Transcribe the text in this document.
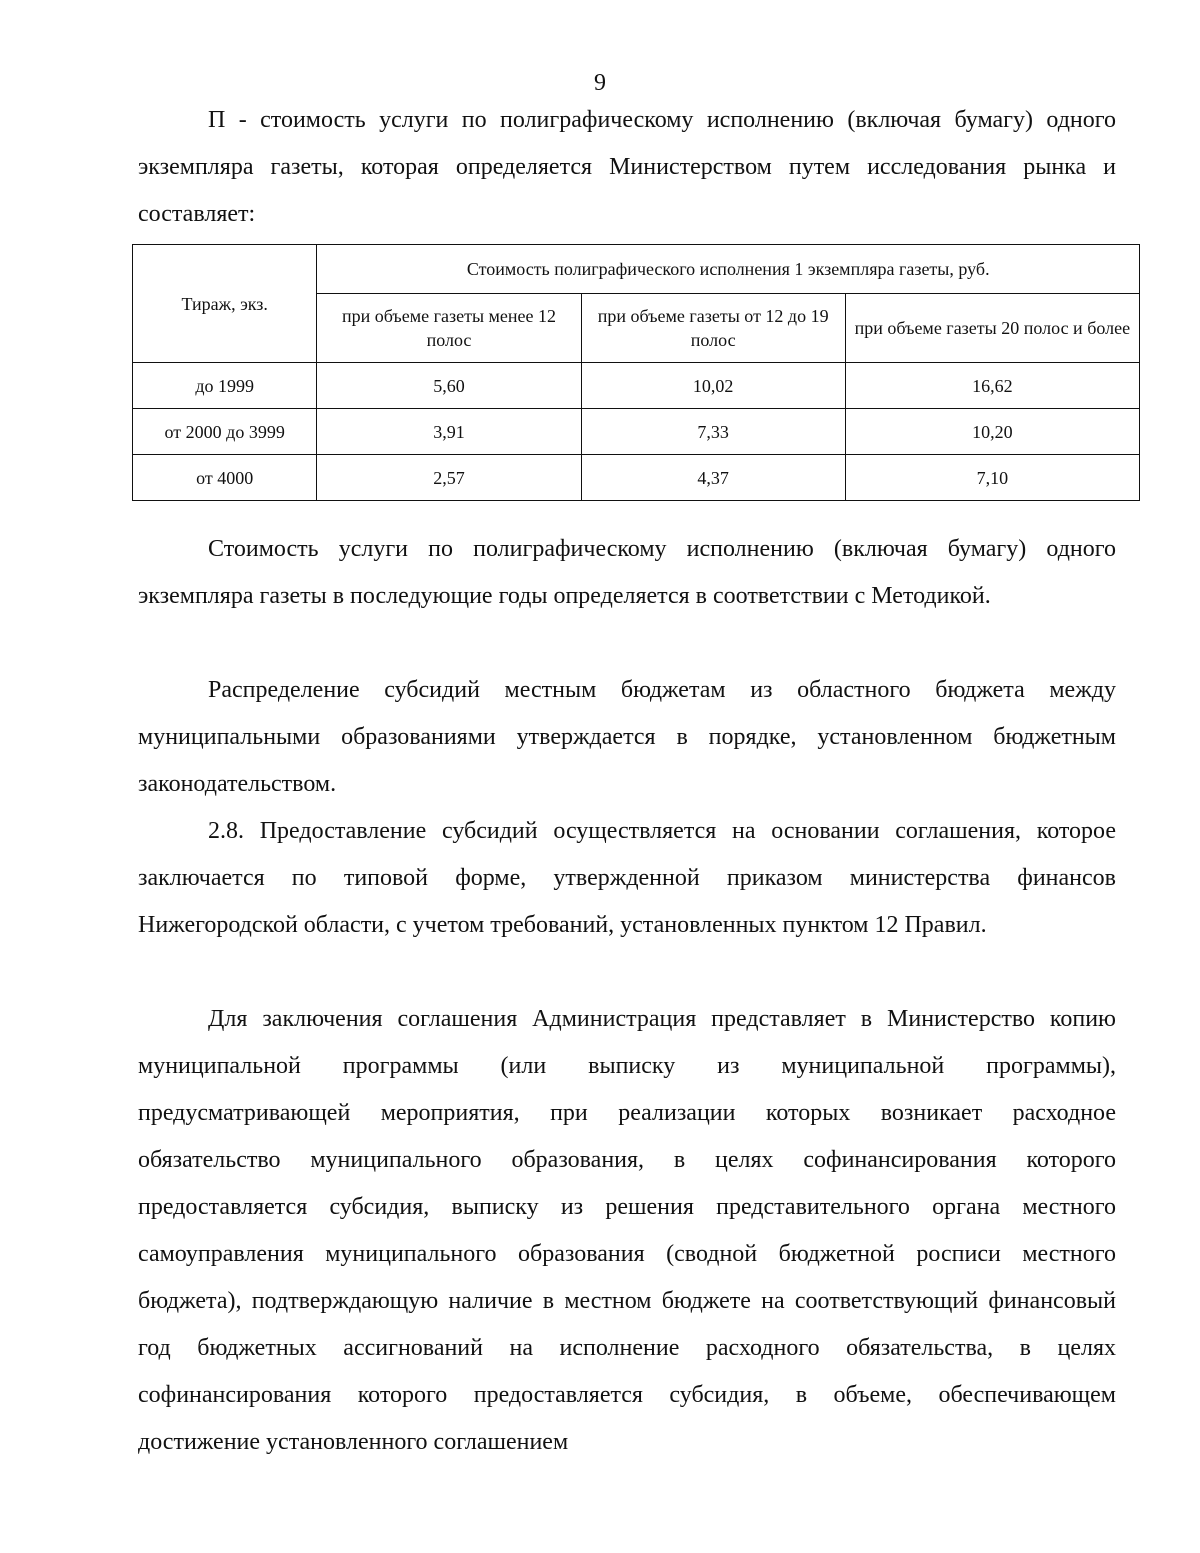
9

П - стоимость услуги по полиграфическому исполнению (включая бумагу) одного экземпляра газеты, которая определяется Министерством путем исследования рынка и составляет:

Тираж, экз.	Стоимость полиграфического исполнения 1 экземпляра газеты, руб.		
	при объеме газеты менее 12 полос	при объеме газеты от 12 до 19 полос	при объеме газеты 20 полос и более
до 1999	5,60	10,02	16,62
от 2000 до 3999	3,91	7,33	10,20
от 4000	2,57	4,37	7,10

Стоимость услуги по полиграфическому исполнению (включая бумагу) одного экземпляра газеты в последующие годы определяется в соответствии с Методикой.

Распределение субсидий местным бюджетам из областного бюджета между муниципальными образованиями утверждается в порядке, установленном бюджетным законодательством.

2.8. Предоставление субсидий осуществляется на основании соглашения, которое заключается по типовой форме, утвержденной приказом министерства финансов Нижегородской области, с учетом требований, установленных пунктом 12 Правил.

Для заключения соглашения Администрация представляет в Министерство копию муниципальной программы (или выписку из муниципальной программы), предусматривающей мероприятия, при реализации которых возникает расходное обязательство муниципального образования, в целях софинансирования которого предоставляется субсидия, выписку из решения представительного органа местного самоуправления муниципального образования (сводной бюджетной росписи местного бюджета), подтверждающую наличие в местном бюджете на соответствующий финансовый год бюджетных ассигнований на исполнение расходного обязательства, в целях софинансирования которого предоставляется субсидия, в объеме, обеспечивающем достижение установленного соглашением
